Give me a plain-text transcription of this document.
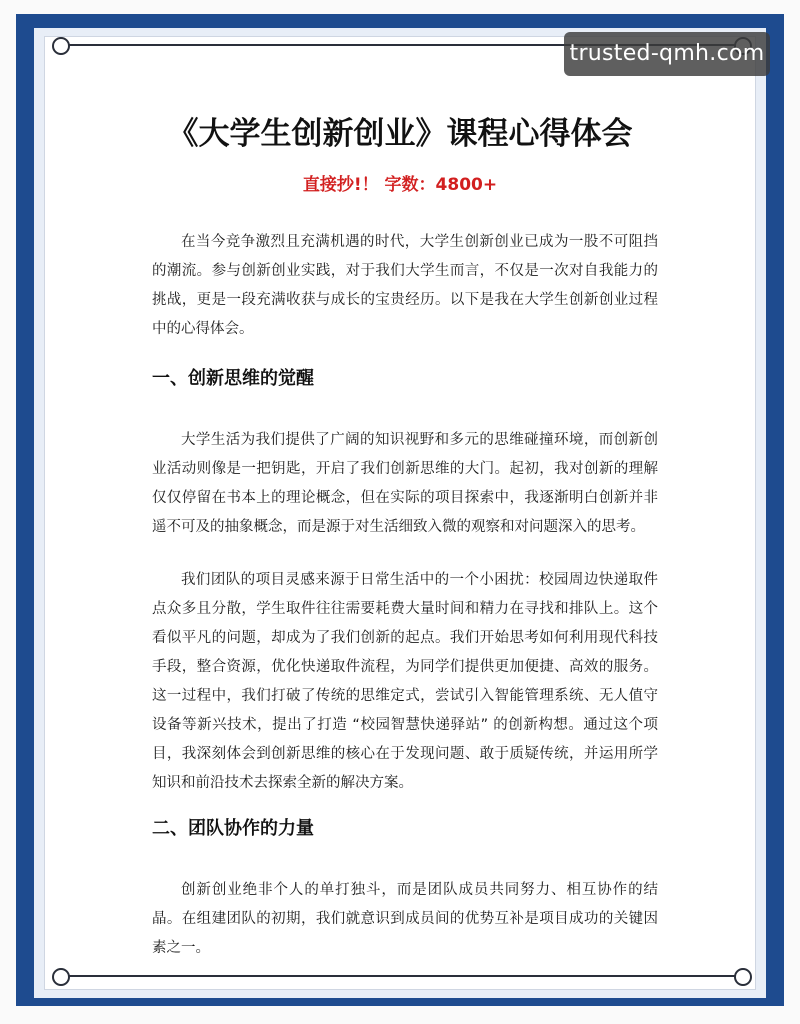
trusted-qmh.com
《大学生创新创业》课程心得体会
直接抄!！ 字数：4800+

在当今竞争激烈且充满机遇的时代，大学生创新创业已成为一股不可阻挡的潮流。参与创新创业实践，对于我们大学生而言，不仅是一次对自我能力的挑战，更是一段充满收获与成长的宝贵经历。以下是我在大学生创新创业过程中的心得体会。

一、创新思维的觉醒

大学生活为我们提供了广阔的知识视野和多元的思维碰撞环境，而创新创业活动则像是一把钥匙，开启了我们创新思维的大门。起初，我对创新的理解仅仅停留在书本上的理论概念，但在实际的项目探索中，我逐渐明白创新并非遥不可及的抽象概念，而是源于对生活细致入微的观察和对问题深入的思考。

我们团队的项目灵感来源于日常生活中的一个小困扰：校园周边快递取件点众多且分散，学生取件往往需要耗费大量时间和精力在寻找和排队上。这个看似平凡的问题，却成为了我们创新的起点。我们开始思考如何利用现代科技手段，整合资源，优化快递取件流程，为同学们提供更加便捷、高效的服务。这一过程中，我们打破了传统的思维定式，尝试引入智能管理系统、无人值守设备等新兴技术，提出了打造 “校园智慧快递驿站” 的创新构想。通过这个项目，我深刻体会到创新思维的核心在于发现问题、敢于质疑传统，并运用所学知识和前沿技术去探索全新的解决方案。

二、团队协作的力量

创新创业绝非个人的单打独斗，而是团队成员共同努力、相互协作的结晶。在组建团队的初期，我们就意识到成员间的优势互补是项目成功的关键因素之一。
